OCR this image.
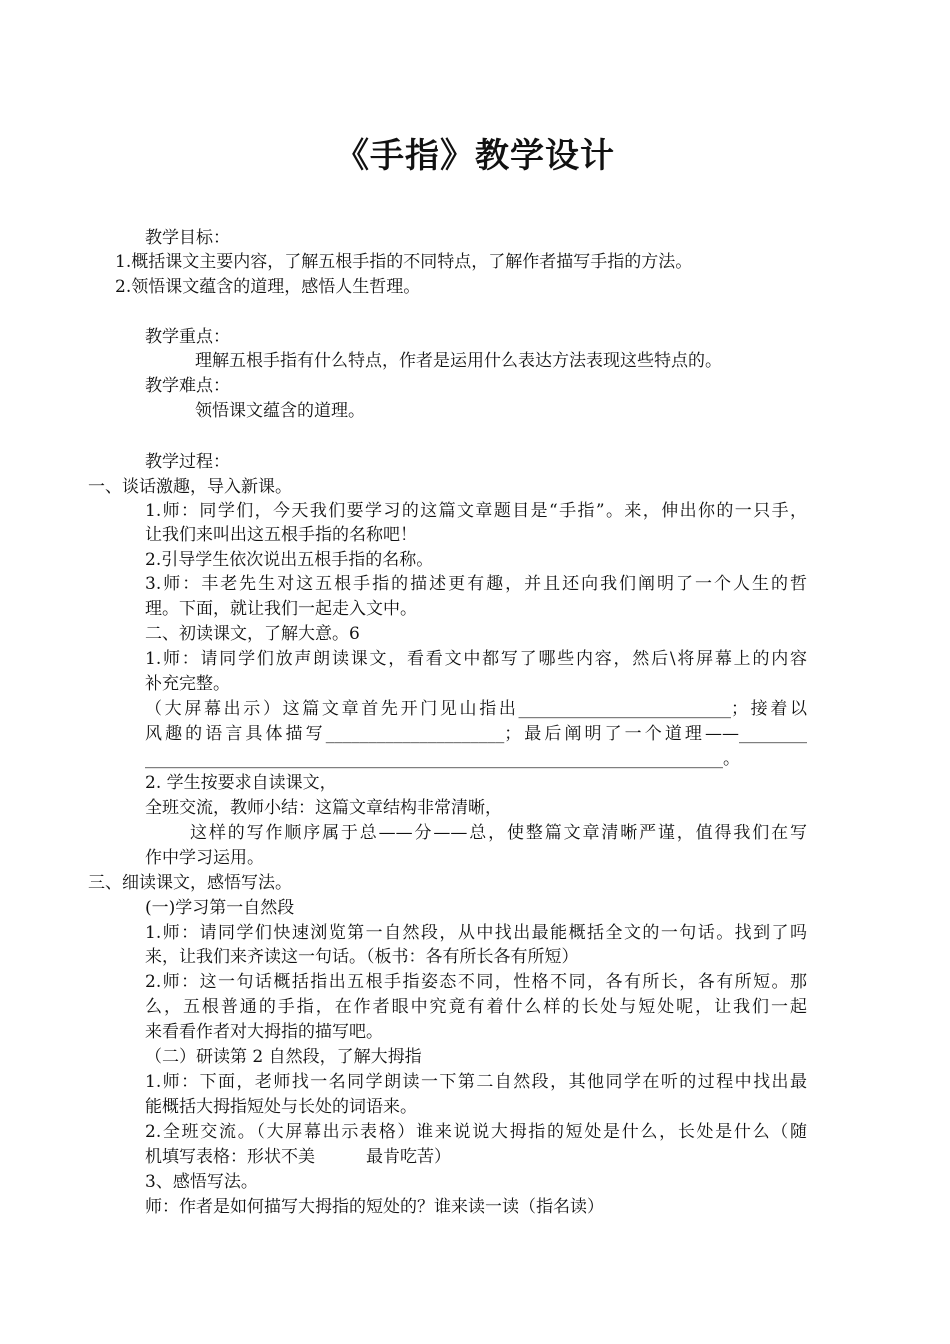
《手指》教学设计
教学目标：
1.概括课文主要内容，了解五根手指的不同特点，了解作者描写手指的方法。
2.领悟课文蕴含的道理，感悟人生哲理。
教学重点：
理解五根手指有什么特点，作者是运用什么表达方法表现这些特点的。
教学难点：
领悟课文蕴含的道理。
教学过程：
一、谈话激趣，导入新课。
1.师：同学们，今天我们要学习的这篇文章题目是“手指”。来，伸出你的一只手，
让我们来叫出这五根手指的名称吧！
2.引导学生依次说出五根手指的名称。
3.师：丰老先生对这五根手指的描述更有趣，并且还向我们阐明了一个人生的哲
理。下面，就让我们一起走入文中。
二、初读课文，了解大意。6
1.师：请同学们放声朗读课文，看看文中都写了哪些内容，然后\将屏幕上的内容
补充完整。
（大屏幕出示）这篇文章首先开门见山指出_________________________；接着以
风趣的语言具体描写_____________________；最后阐明了一个道理——________
____________________________________________________________________。
2. 学生按要求自读课文，
全班交流，教师小结：这篇文章结构非常清晰，
这样的写作顺序属于总——分——总，使整篇文章清晰严谨，值得我们在写
作中学习运用。
三、细读课文，感悟写法。
(一)学习第一自然段
1.师：请同学们快速浏览第一自然段，从中找出最能概括全文的一句话。找到了吗
来，让我们来齐读这一句话。（板书：各有所长各有所短）
2.师：这一句话概括指出五根手指姿态不同，性格不同，各有所长，各有所短。那
么，五根普通的手指，在作者眼中究竟有着什么样的长处与短处呢，让我们一起
来看看作者对大拇指的描写吧。
（二）研读第 2 自然段，了解大拇指
1.师：下面，老师找一名同学朗读一下第二自然段，其他同学在听的过程中找出最
能概括大拇指短处与长处的词语来。
2.全班交流。（大屏幕出示表格）谁来说说大拇指的短处是什么，长处是什么（随
机填写表格：形状不美　　　最肯吃苦）
3、感悟写法。
师：作者是如何描写大拇指的短处的？谁来读一读（指名读）
